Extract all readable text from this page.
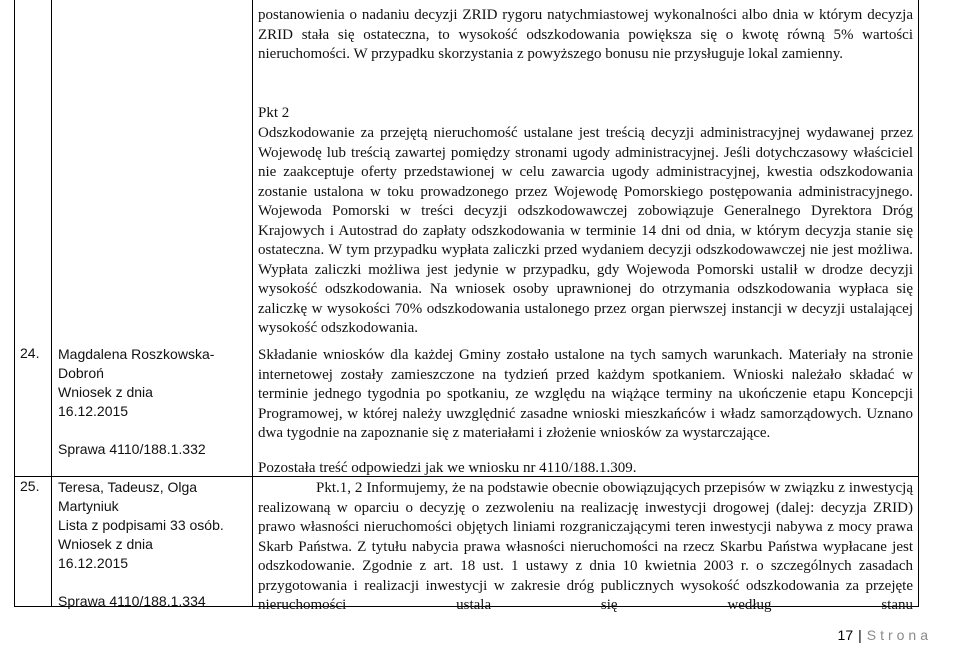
24.	Magdalena Roszkowska-
Dobroń
Wniosek z dnia
16.12.2015
Sprawa 4110/188.1.332
25.	Teresa, Tadeusz, Olga
Martyniuk
Lista z podpisami 33 osób.
Wniosek z dnia
16.12.2015
Sprawa 4110/188.1.334
postanowienia o nadaniu decyzji ZRID rygoru natychmiastowej wykonalności albo dnia w którym decyzja ZRID stała się ostateczna, to wysokość odszkodowania powiększa się o kwotę równą 5% wartości nieruchomości. W przypadku skorzystania z powyższego bonusu nie przysługuje lokal zamienny.
Pkt 2
Odszkodowanie za przejętą nieruchomość ustalane jest treścią decyzji administracyjnej wydawanej przez Wojewodę lub treścią zawartej pomiędzy stronami ugody administracyjnej. Jeśli dotychczasowy właściciel nie zaakceptuje oferty przedstawionej w celu zawarcia ugody administracyjnej, kwestia odszkodowania zostanie ustalona w toku prowadzonego przez Wojewodę Pomorskiego postępowania administracyjnego. Wojewoda Pomorski w treści decyzji odszkodowawczej zobowiązuje Generalnego Dyrektora Dróg Krajowych i Autostrad do zapłaty odszkodowania w terminie 14 dni od dnia, w którym decyzja stanie się ostateczna. W tym przypadku wypłata zaliczki przed wydaniem decyzji odszkodowawczej nie jest możliwa. Wypłata zaliczki możliwa jest jedynie w przypadku, gdy Wojewoda Pomorski ustalił w drodze decyzji wysokość odszkodowania. Na wniosek osoby uprawnionej do otrzymania odszkodowania wypłaca się zaliczkę w wysokości 70% odszkodowania ustalonego przez organ pierwszej instancji w decyzji ustalającej wysokość odszkodowania.
Składanie wniosków dla każdej Gminy zostało ustalone na tych samych warunkach. Materiały na stronie internetowej zostały zamieszczone na tydzień przed każdym spotkaniem. Wnioski należało składać w terminie jednego tygodnia po spotkaniu, ze względu na wiążące terminy na ukończenie etapu Koncepcji Programowej, w której należy uwzględnić zasadne wnioski mieszkańców i władz samorządowych. Uznano dwa tygodnie na zapoznanie się z materiałami i złożenie wniosków za wystarczające.
Pozostała treść odpowiedzi jak we wniosku nr 4110/188.1.309.
Pkt.1, 2 Informujemy, że na podstawie obecnie obowiązujących przepisów w związku z inwestycją realizowaną w oparciu o decyzję o zezwoleniu na realizację inwestycji drogowej (dalej: decyzja ZRID) prawo własności nieruchomości objętych liniami rozgraniczającymi teren inwestycji nabywa z mocy prawa Skarb Państwa. Z tytułu nabycia prawa własności nieruchomości na rzecz Skarbu Państwa wypłacane jest odszkodowanie. Zgodnie z art. 18 ust. 1 ustawy z dnia 10 kwietnia 2003 r. o szczególnych zasadach przygotowania i realizacji inwestycji w zakresie dróg publicznych wysokość odszkodowania za przejęte nieruchomości ustala się według stanu
17 | Strona
